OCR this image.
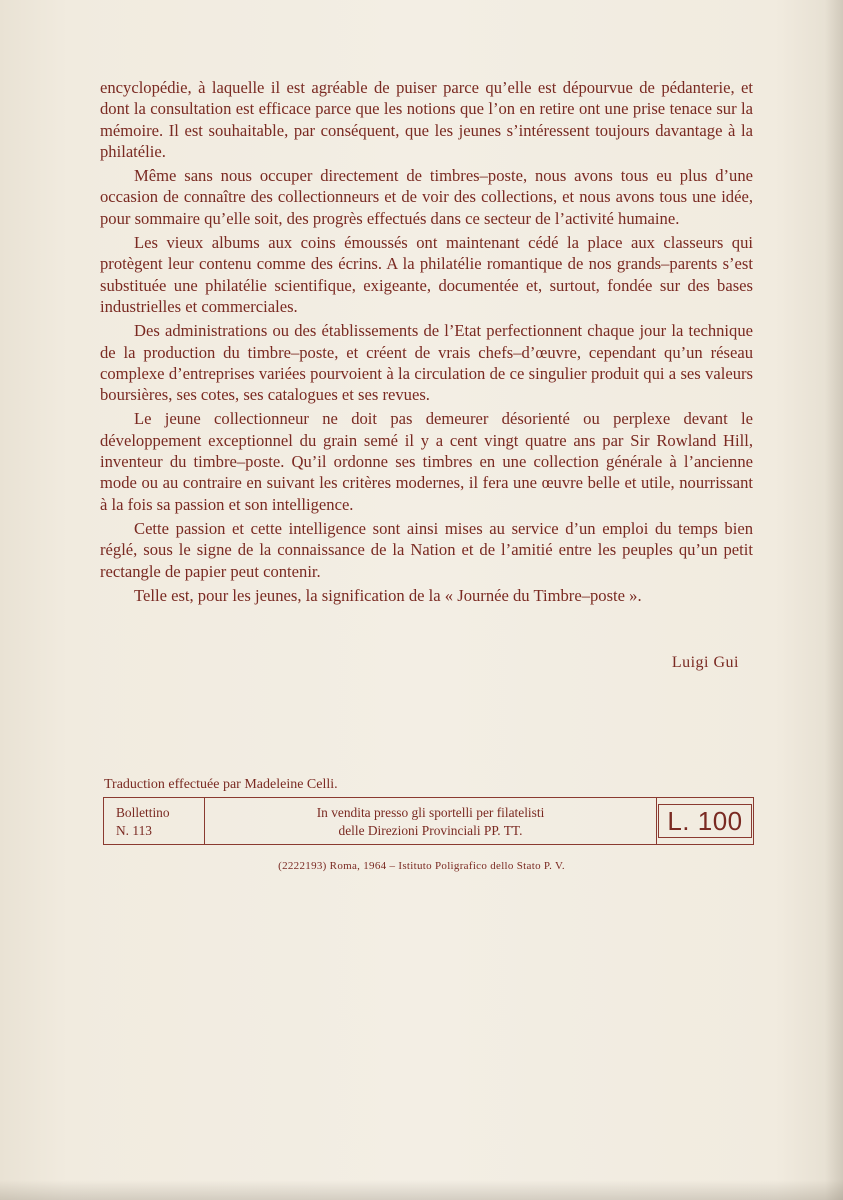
encyclopédie, à laquelle il est agréable de puiser parce qu’elle est dépourvue de pédanterie, et dont la consultation est efficace parce que les notions que l’on en retire ont une prise tenace sur la mémoire. Il est souhaitable, par conséquent, que les jeunes s’intéressent toujours davantage à la philatélie.

Même sans nous occuper directement de timbres–poste, nous avons tous eu plus d’une occasion de connaître des collectionneurs et de voir des collections, et nous avons tous une idée, pour sommaire qu’elle soit, des progrès effectués dans ce secteur de l’activité humaine.

Les vieux albums aux coins émoussés ont maintenant cédé la place aux classeurs qui protègent leur contenu comme des écrins. A la philatélie romantique de nos grands–parents s’est substituée une philatélie scientifique, exigeante, documentée et, surtout, fondée sur des bases industrielles et commerciales.

Des administrations ou des établissements de l’Etat perfectionnent chaque jour la technique de la production du timbre–poste, et créent de vrais chefs–d’œuvre, cependant qu’un réseau complexe d’entreprises variées pourvoient à la circulation de ce singulier produit qui a ses valeurs boursières, ses cotes, ses catalogues et ses revues.

Le jeune collectionneur ne doit pas demeurer désorienté ou perplexe devant le développement exceptionnel du grain semé il y a cent vingt quatre ans par Sir Rowland Hill, inventeur du timbre–poste. Qu’il ordonne ses timbres en une collection générale à l’ancienne mode ou au contraire en suivant les critères modernes, il fera une œuvre belle et utile, nourrissant à la fois sa passion et son intelligence.

Cette passion et cette intelligence sont ainsi mises au service d’un emploi du temps bien réglé, sous le signe de la connaissance de la Nation et de l’amitié entre les peuples qu’un petit rectangle de papier peut contenir.

Telle est, pour les jeunes, la signification de la « Journée du Timbre–poste ».

Luigi Gui
Traduction effectuée par Madeleine Celli.
Bollettino
N. 113
In vendita presso gli sportelli per filatelisti
delle Direzioni Provinciali PP. TT.	L. 100
(2222193) Roma, 1964 – Istituto Poligrafico dello Stato P. V.
